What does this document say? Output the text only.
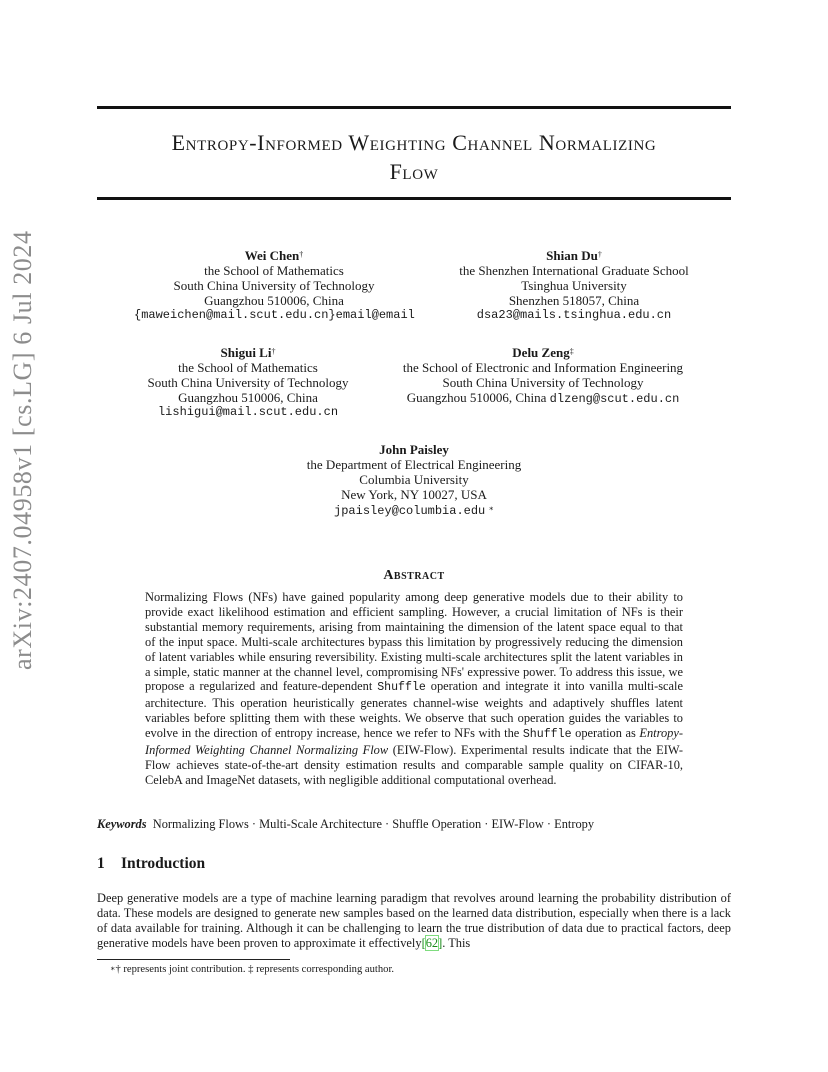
arXiv:2407.04958v1 [cs.LG] 6 Jul 2024
Entropy-Informed Weighting Channel Normalizing
Flow
Wei Chen†
the School of Mathematics
South China University of Technology
Guangzhou 510006, China
{maweichen@mail.scut.edu.cn}email@email
Shian Du†
the Shenzhen International Graduate School
Tsinghua University
Shenzhen 518057, China
dsa23@mails.tsinghua.edu.cn
Shigui Li†
the School of Mathematics
South China University of Technology
Guangzhou 510006, China
lishigui@mail.scut.edu.cn
Delu Zeng‡
the School of Electronic and Information Engineering
South China University of Technology
Guangzhou 510006, China dlzeng@scut.edu.cn
John Paisley
the Department of Electrical Engineering
Columbia University
New York, NY 10027, USA
jpaisley@columbia.edu ∗
Abstract
Normalizing Flows (NFs) have gained popularity among deep generative models due to their ability to provide exact likelihood estimation and efficient sampling. However, a crucial limitation of NFs is their substantial memory requirements, arising from maintaining the dimension of the latent space equal to that of the input space. Multi-scale architectures bypass this limitation by progressively reducing the dimension of latent variables while ensuring reversibility. Existing multi-scale architectures split the latent variables in a simple, static manner at the channel level, compromising NFs' expressive power. To address this issue, we propose a regularized and feature-dependent Shuffle operation and integrate it into vanilla multi-scale architecture. This operation heuristically generates channel-wise weights and adaptively shuffles latent variables before splitting them with these weights. We observe that such operation guides the variables to evolve in the direction of entropy increase, hence we refer to NFs with the Shuffle operation as Entropy-Informed Weighting Channel Normalizing Flow (EIW-Flow). Experimental results indicate that the EIW-Flow achieves state-of-the-art density estimation results and comparable sample quality on CIFAR-10, CelebA and ImageNet datasets, with negligible additional computational overhead.
Keywords Normalizing Flows · Multi-Scale Architecture · Shuffle Operation · EIW-Flow · Entropy
1 Introduction
Deep generative models are a type of machine learning paradigm that revolves around learning the probability distribution of data. These models are designed to generate new samples based on the learned data distribution, especially when there is a lack of data available for training. Although it can be challenging to learn the true distribution of data due to practical factors, deep generative models have been proven to approximate it effectively[62]. This
∗† represents joint contribution. ‡ represents corresponding author.
